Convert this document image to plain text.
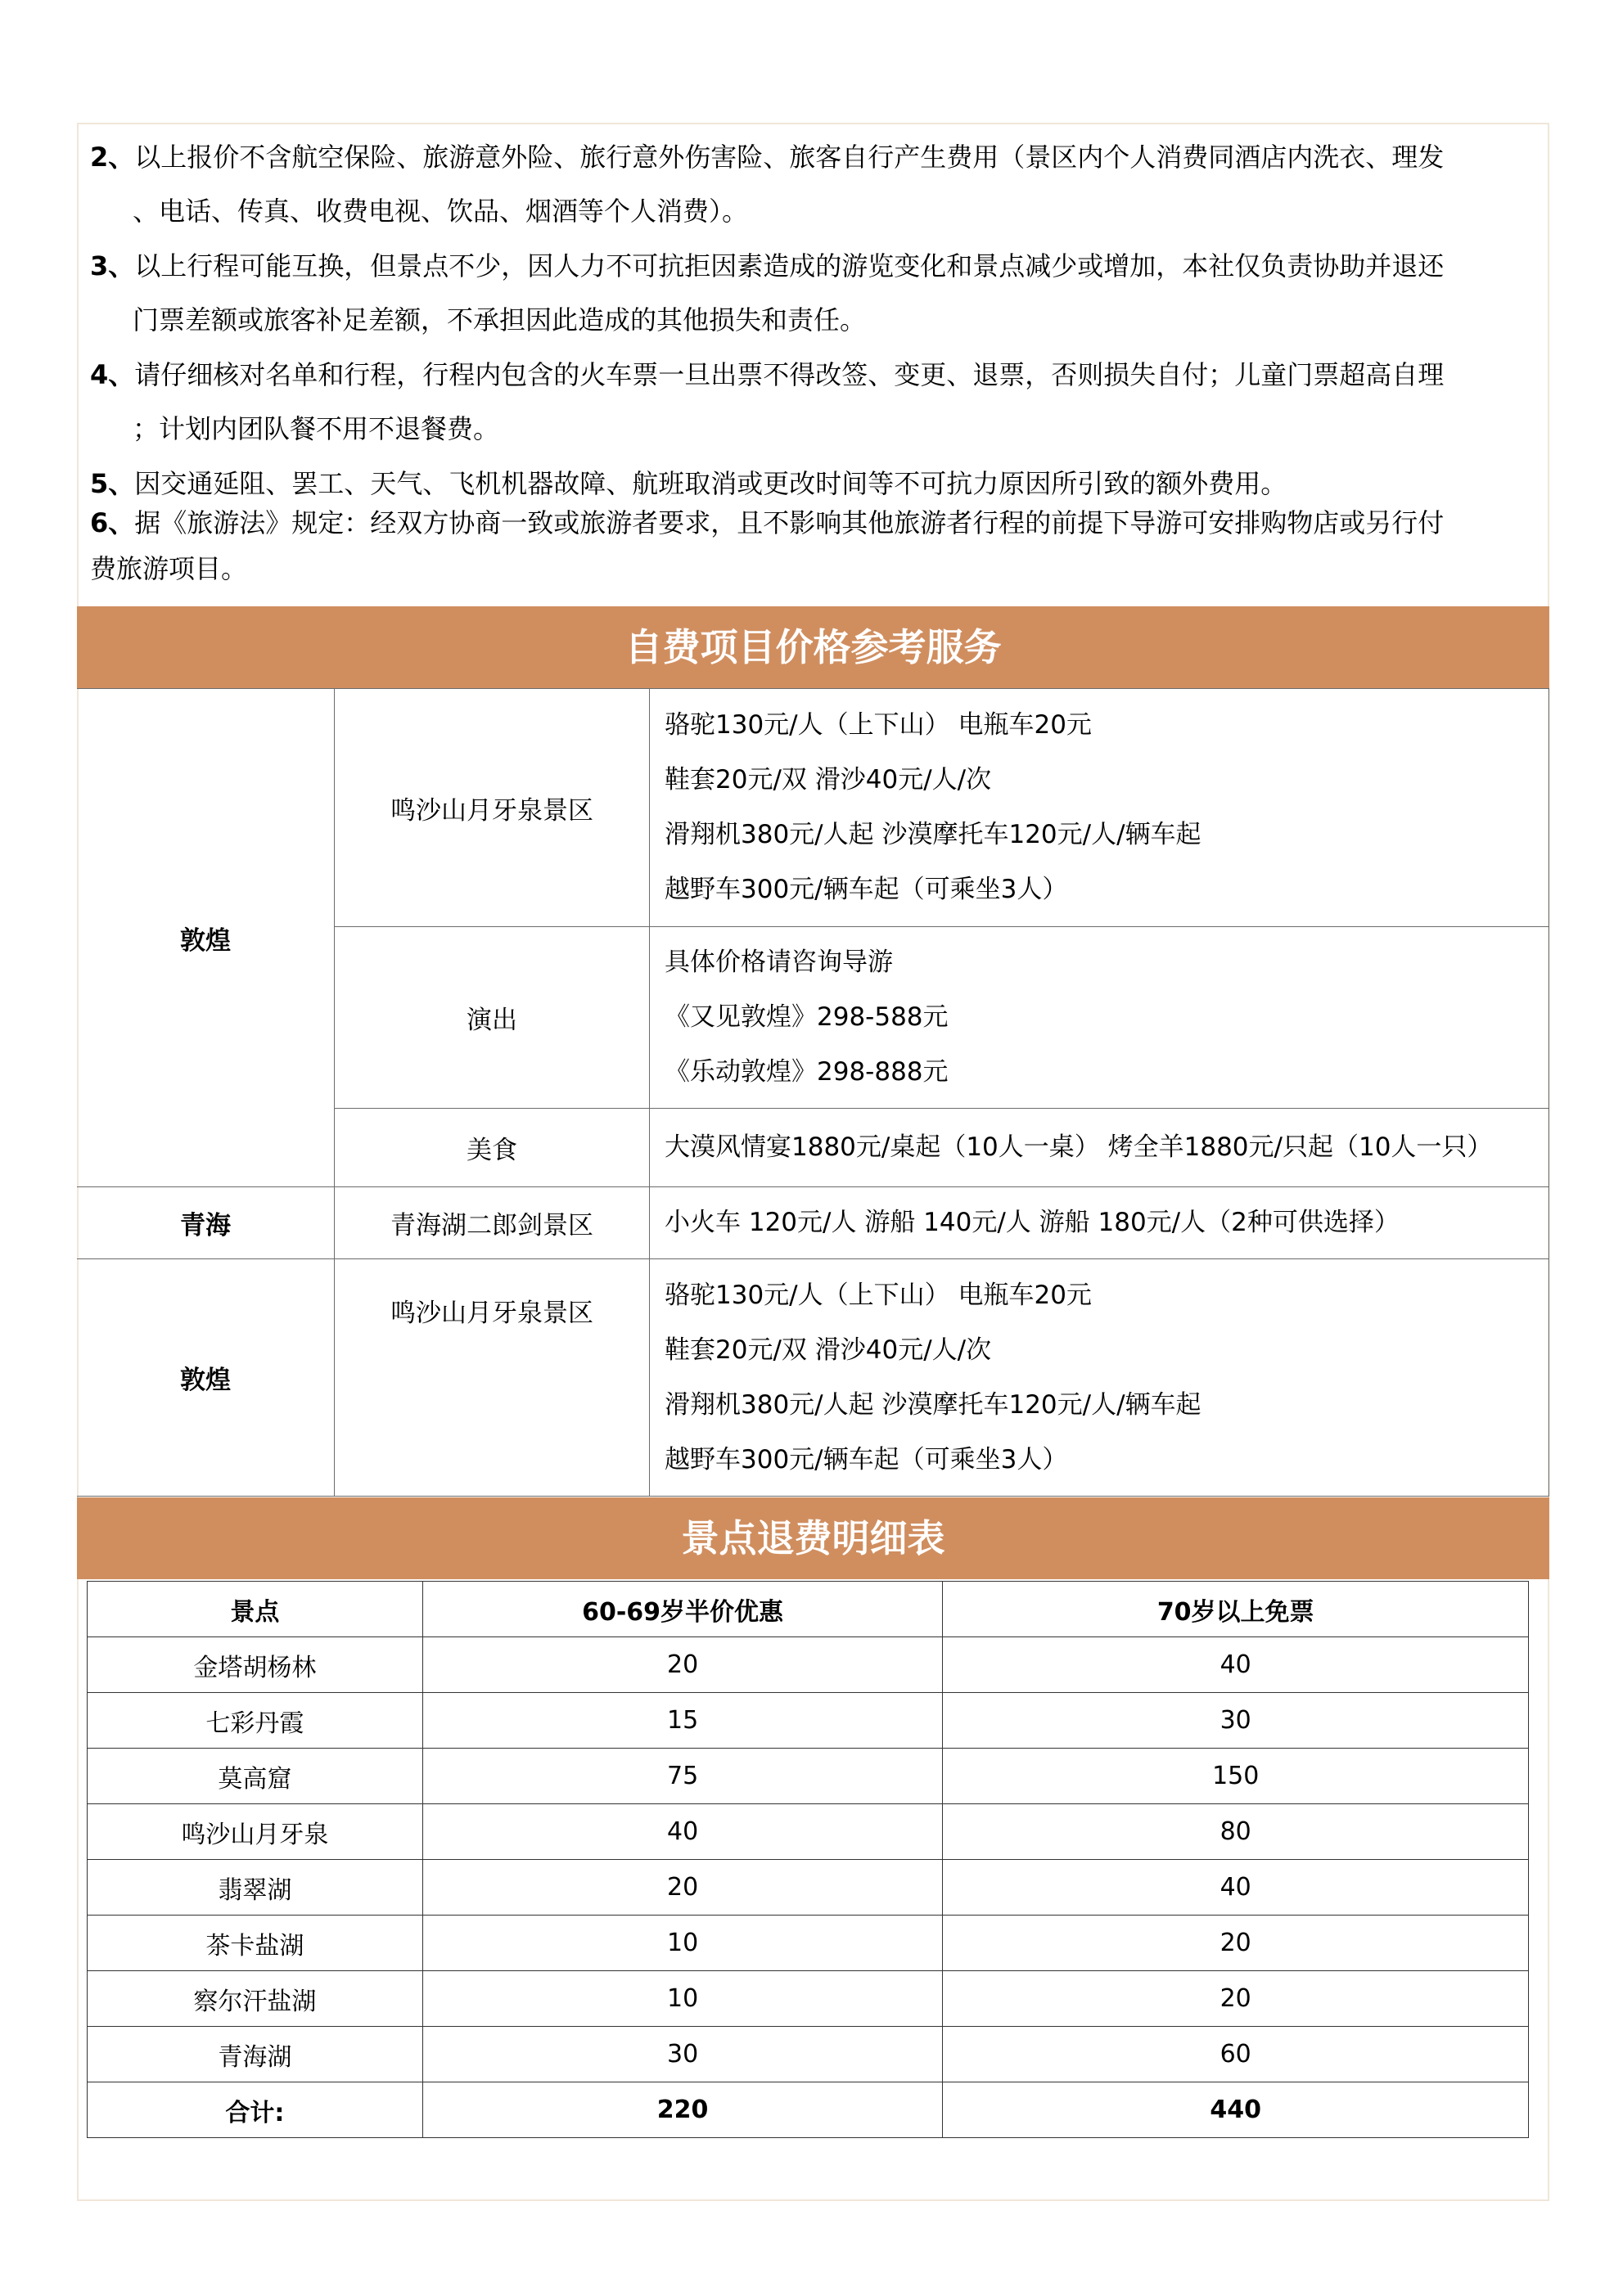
2、以上报价不含航空保险、旅游意外险、旅行意外伤害险、旅客自行产生费用（景区内个人消费同酒店内洗衣、理发
、电话、传真、收费电视、饮品、烟酒等个人消费）。
3、以上行程可能互换，但景点不少，因人力不可抗拒因素造成的游览变化和景点减少或增加，本社仅负责协助并退还
门票差额或旅客补足差额，不承担因此造成的其他损失和责任。
4、请仔细核对名单和行程，行程内包含的火车票一旦出票不得改签、变更、退票，否则损失自付；儿童门票超高自理
；计划内团队餐不用不退餐费。
5、因交通延阻、罢工、天气、飞机机器故障、航班取消或更改时间等不可抗力原因所引致的额外费用。
6、据《旅游法》规定：经双方协商一致或旅游者要求，且不影响其他旅游者行程的前提下导游可安排购物店或另行付
费旅游项目。
自费项目价格参考服务
敦煌	鸣沙山月牙泉景区	骆驼130元/人（上下山） 电瓶车20元
鞋套20元/双 滑沙40元/人/次
滑翔机380元/人起 沙漠摩托车120元/人/辆车起
越野车300元/辆车起（可乘坐3人）

	演出	具体价格请咨询导游
《又见敦煌》298-588元
《乐动敦煌》298-888元

	美食	大漠风情宴1880元/桌起（10人一桌） 烤全羊1880元/只起（10人一只）

青海	青海湖二郎剑景区	小火车 120元/人 游船 140元/人 游船 180元/人（2种可供选择）

敦煌	鸣沙山月牙泉景区	骆驼130元/人（上下山） 电瓶车20元
鞋套20元/双 滑沙40元/人/次
滑翔机380元/人起 沙漠摩托车120元/人/辆车起
越野车300元/辆车起（可乘坐3人）
景点退费明细表
景点	60-69岁半价优惠	70岁以上免票
金塔胡杨林	20	40
七彩丹霞	15	30
莫高窟	75	150
鸣沙山月牙泉	40	80
翡翠湖	20	40
茶卡盐湖	10	20
察尔汗盐湖	10	20
青海湖	30	60
合计:	220	440
